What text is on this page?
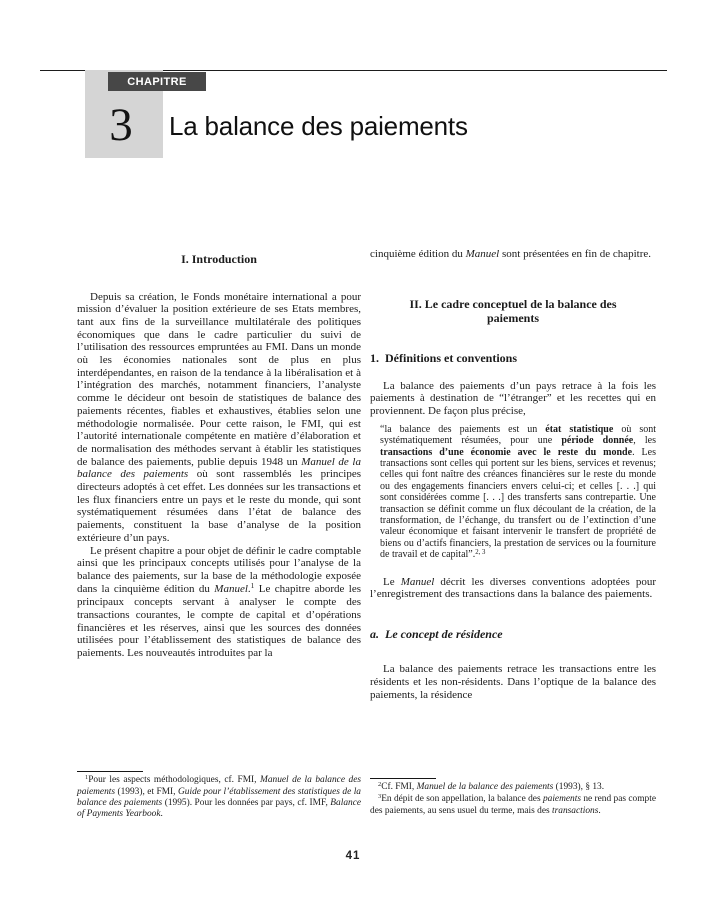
CHAPITRE
3	La balance des paiements
I. Introduction

Depuis sa création, le Fonds monétaire international a pour mission d’évaluer la position extérieure de ses Etats membres, tant aux fins de la surveillance multilatérale des politiques économiques que dans le cadre particulier du suivi de l’utilisation des ressources empruntées au FMI. Dans un monde où les économies nationales sont de plus en plus interdépendantes, en raison de la tendance à la libéralisation et à l’intégration des marchés, notamment financiers, l’analyste comme le décideur ont besoin de statistiques de balance des paiements récentes, fiables et exhaustives, établies selon une méthodologie normalisée. Pour cette raison, le FMI, qui est l’autorité internationale compétente en matière d’élaboration et de normalisation des méthodes servant à établir les statistiques de balance des paiements, publie depuis 1948 un Manuel de la balance des paiements où sont rassemblés les principes directeurs adoptés à cet effet. Les données sur les transactions et les flux financiers entre un pays et le reste du monde, qui sont systématiquement résumées dans l’état de balance des paiements, constituent la base d’analyse de la position extérieure d’un pays.

Le présent chapitre a pour objet de définir le cadre comptable ainsi que les principaux concepts utilisés pour l’analyse de la balance des paiements, sur la base de la méthodologie exposée dans la cinquième édition du Manuel.$^1$ Le chapitre aborde les principaux concepts servant à analyser le compte des transactions courantes, le compte de capital et d’opérations financières et les réserves, ainsi que les sources des données utilisées pour l’établissement des statistiques de balance des paiements. Les nouveautés introduites par la

cinquième édition du Manuel sont présentées en fin de chapitre.

II. Le cadre conceptuel de la balance des paiements
1. Définitions et conventions

La balance des paiements d’un pays retrace à la fois les paiements à destination de “l’étranger” et les recettes qui en proviennent. De façon plus précise,

“la balance des paiements est un état statistique où sont systématiquement résumées, pour une période donnée, les transactions d’une économie avec le reste du monde. Les transactions sont celles qui portent sur les biens, services et revenus; celles qui font naître des créances financières sur le reste du monde ou des engagements financiers envers celui-ci; et celles [. . .] qui sont considérées comme [. . .] des transferts sans contrepartie. Une transaction se définit comme un flux découlant de la création, de la transformation, de l’échange, du transfert ou de l’extinction d’une valeur économique et faisant intervenir le transfert de propriété de biens ou d’actifs financiers, la prestation de services ou la fourniture de travail et de capital”.$^{2, 3}$

Le Manuel décrit les diverses conventions adoptées pour l’enregistrement des transactions dans la balance des paiements.

a. Le concept de résidence

La balance des paiements retrace les transactions entre les résidents et les non-résidents. Dans l’optique de la balance des paiements, la résidence

$^1$Pour les aspects méthodologiques, cf. FMI, Manuel de la balance des paiements (1993), et FMI, Guide pour l’établissement des statistiques de la balance des paiements (1995). Pour les données par pays, cf. IMF, Balance of Payments Yearbook.

$^2$Cf. FMI, Manuel de la balance des paiements (1993), § 13.

$^3$En dépit de son appellation, la balance des paiements ne rend pas compte des paiements, au sens usuel du terme, mais des transactions.

41
